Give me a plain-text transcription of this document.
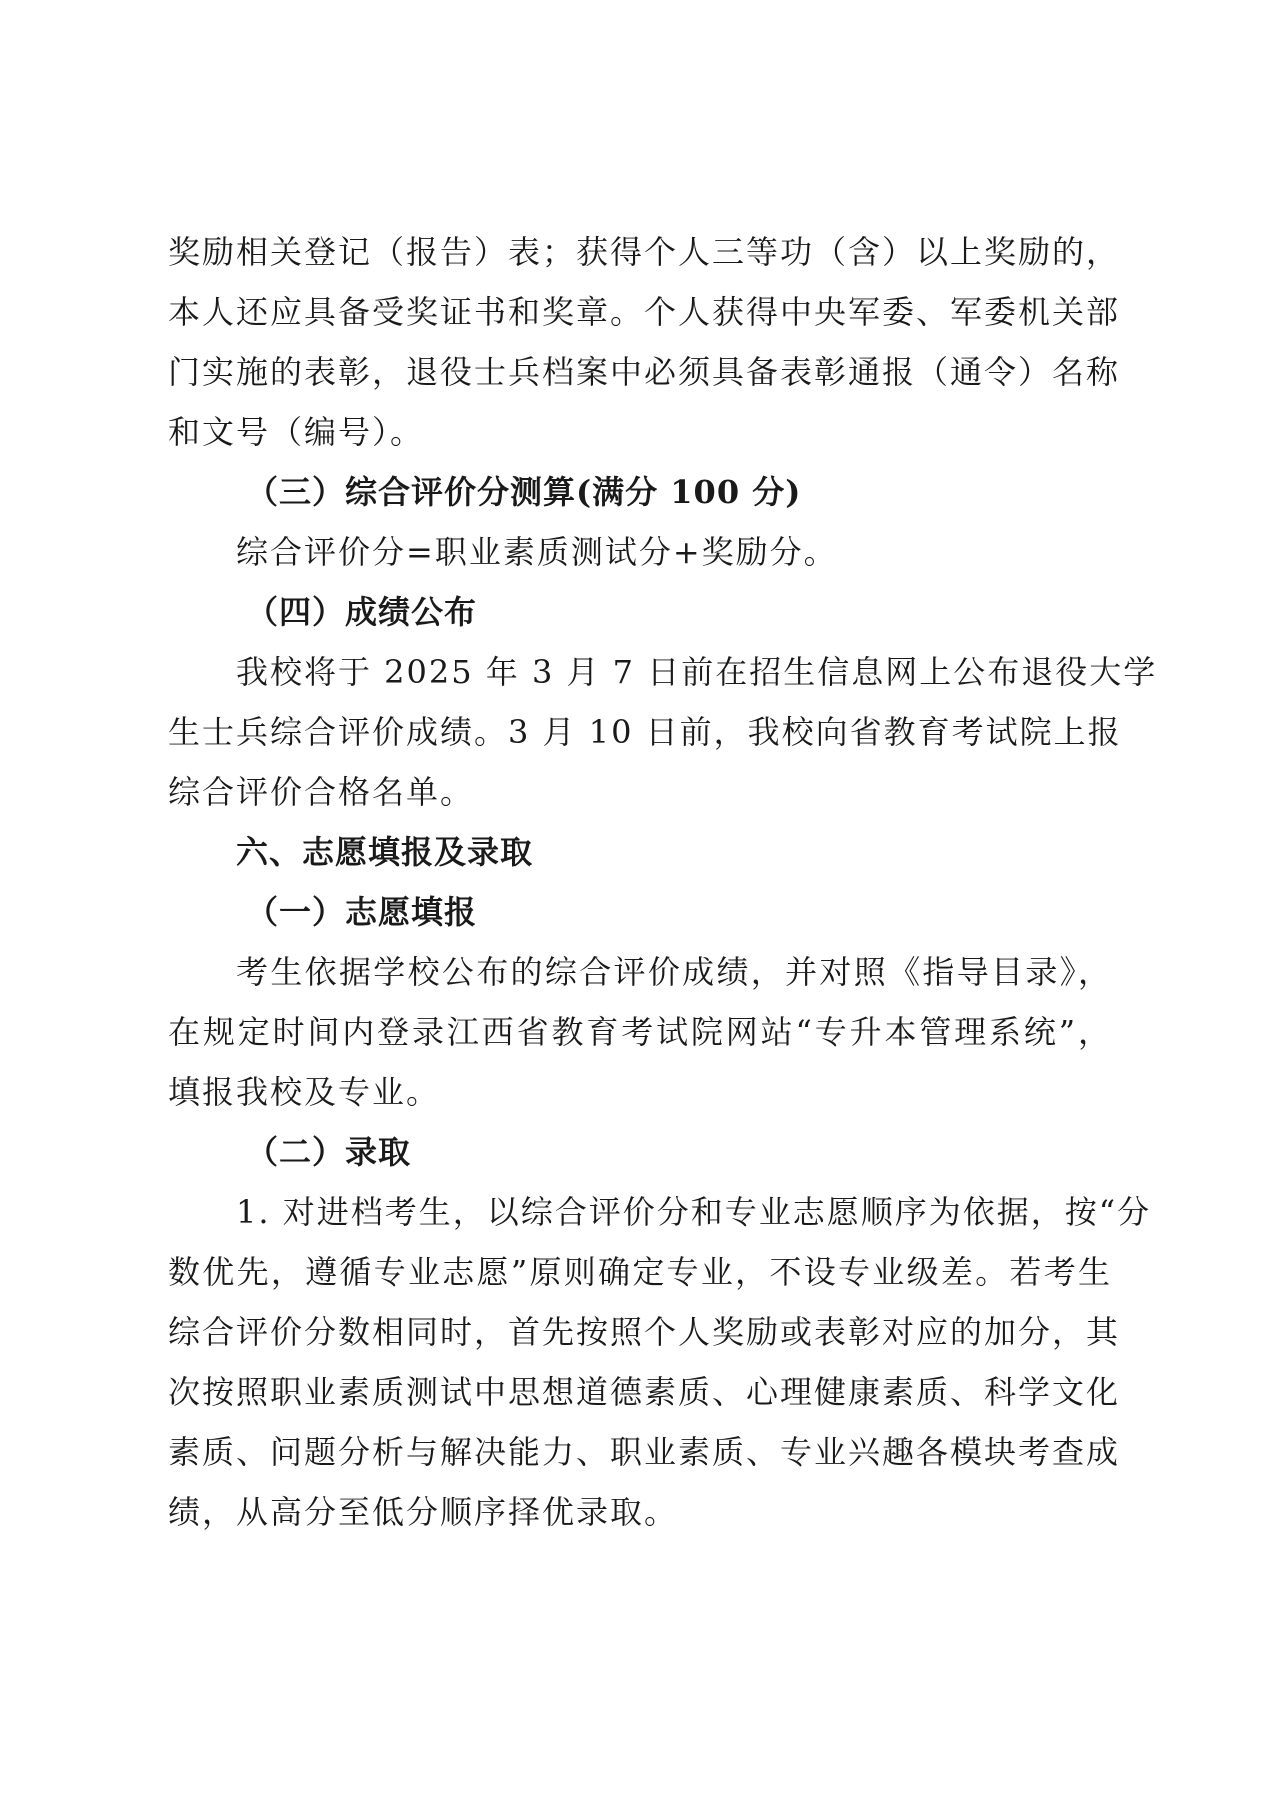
奖励相关登记（报告）表；获得个人三等功（含）以上奖励的，
本人还应具备受奖证书和奖章。个人获得中央军委、军委机关部
门实施的表彰，退役士兵档案中必须具备表彰通报（通令）名称
和文号（编号）。
（三）综合评价分测算(满分 100 分)
综合评价分=职业素质测试分+奖励分。
（四）成绩公布
我校将于 2025 年 3 月 7 日前在招生信息网上公布退役大学
生士兵综合评价成绩。3 月 10 日前，我校向省教育考试院上报
综合评价合格名单。
六、志愿填报及录取
（一）志愿填报
考生依据学校公布的综合评价成绩，并对照《指导目录》，
在规定时间内登录江西省教育考试院网站“专升本管理系统”，
填报我校及专业。
（二）录取
1. 对进档考生，以综合评价分和专业志愿顺序为依据，按“分
数优先，遵循专业志愿”原则确定专业，不设专业级差。若考生
综合评价分数相同时，首先按照个人奖励或表彰对应的加分，其
次按照职业素质测试中思想道德素质、心理健康素质、科学文化
素质、问题分析与解决能力、职业素质、专业兴趣各模块考查成
绩，从高分至低分顺序择优录取。
